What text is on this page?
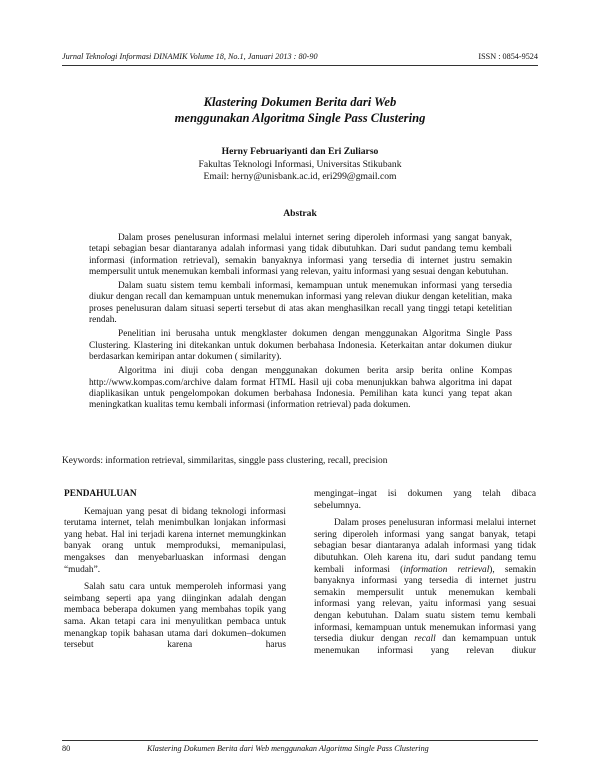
Jurnal Teknologi Informasi DINAMIK Volume 18, No.1, Januari 2013 : 80-90	ISSN : 0854-9524
Klastering Dokumen Berita dari Web
menggunakan Algoritma Single Pass Clustering
Herny Februariyanti dan Eri Zuliarso
Fakultas Teknologi Informasi, Universitas Stikubank
Email: herny@unisbank.ac.id, eri299@gmail.com
Abstrak

Dalam proses penelusuran informasi melalui internet sering diperoleh informasi yang sangat banyak, tetapi sebagian besar diantaranya adalah informasi yang tidak dibutuhkan. Dari sudut pandang temu kembali informasi (information retrieval), semakin banyaknya informasi yang tersedia di internet justru semakin mempersulit untuk menemukan kembali informasi yang relevan, yaitu informasi yang sesuai dengan kebutuhan.

Dalam suatu sistem temu kembali informasi, kemampuan untuk menemukan informasi yang tersedia diukur dengan recall dan kemampuan untuk menemukan informasi yang relevan diukur dengan ketelitian, maka proses penelusuran dalam situasi seperti tersebut di atas akan menghasilkan recall yang tinggi tetapi ketelitian rendah.

Penelitian ini berusaha untuk mengklaster dokumen dengan menggunakan Algoritma Single Pass Clustering. Klastering ini ditekankan untuk dokumen berbahasa Indonesia. Keterkaitan antar dokumen diukur berdasarkan kemiripan antar dokumen ( similarity).

Algoritma ini diuji coba dengan menggunakan dokumen berita arsip berita online Kompas http://www.kompas.com/archive dalam format HTML Hasil uji coba menunjukkan bahwa algoritma ini dapat diaplikasikan untuk pengelompokan dokumen berbahasa Indonesia. Pemilihan kata kunci yang tepat akan meningkatkan kualitas temu kembali informasi (information retrieval) pada dokumen.

Keywords: information retrieval, simmilaritas, singgle pass clustering, recall, precision
PENDAHULUAN

Kemajuan yang pesat di bidang teknologi informasi terutama internet, telah menimbulkan lonjakan informasi yang hebat. Hal ini terjadi karena internet memungkinkan banyak orang untuk memproduksi, memanipulasi, mengakses dan menyebarluaskan informasi dengan “mudah”.

Salah satu cara untuk memperoleh informasi yang seimbang seperti apa yang diinginkan adalah dengan membaca beberapa dokumen yang membahas topik yang sama. Akan tetapi cara ini menyulitkan pembaca untuk menangkap topik bahasan utama dari dokumen–dokumen tersebut karena harus

mengingat–ingat isi dokumen yang telah dibaca sebelumnya.

Dalam proses penelusuran informasi melalui internet sering diperoleh informasi yang sangat banyak, tetapi sebagian besar diantaranya adalah informasi yang tidak dibutuhkan. Oleh karena itu, dari sudut pandang temu kembali informasi (information retrieval), semakin banyaknya informasi yang tersedia di internet justru semakin mempersulit untuk menemukan kembali informasi yang relevan, yaitu informasi yang sesuai dengan kebutuhan. Dalam suatu sistem temu kembali informasi, kemampuan untuk menemukan informasi yang tersedia diukur dengan recall dan kemampuan untuk menemukan informasi yang relevan diukur

80	Klastering Dokumen Berita dari Web menggunakan Algoritma Single Pass Clustering
